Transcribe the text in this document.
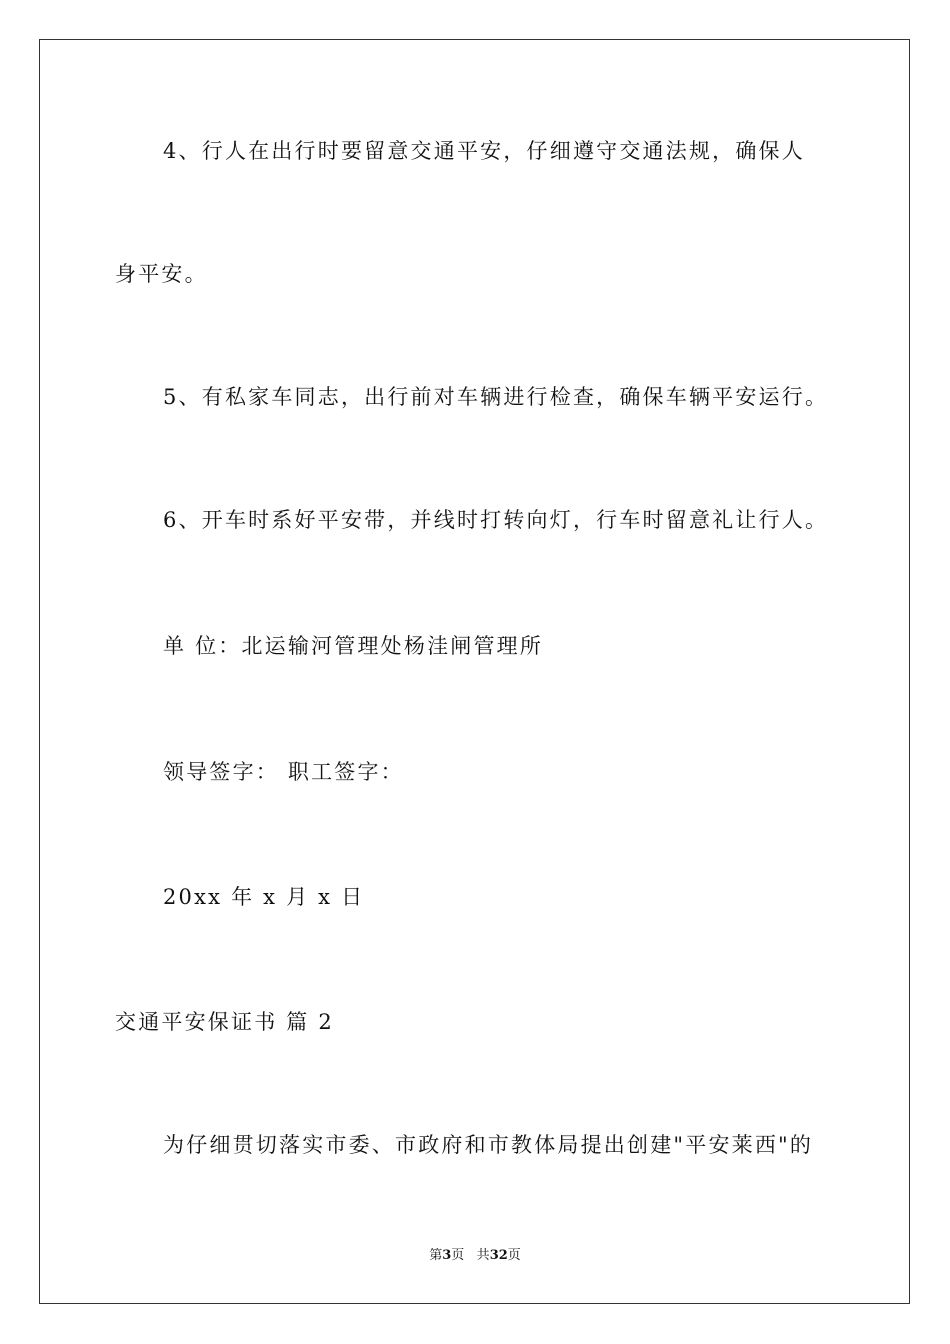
4、行人在出行时要留意交通平安，仔细遵守交通法规，确保人
身平安。
5、有私家车同志，出行前对车辆进行检查，确保车辆平安运行。
6、开车时系好平安带，并线时打转向灯，行车时留意礼让行人。
单 位：北运输河管理处杨洼闸管理所
领导签字： 职工签字：
20xx 年 x 月 x 日
交通平安保证书 篇 2
为仔细贯切落实市委、市政府和市教体局提出创建"平安莱西"的
第3页 共32页
